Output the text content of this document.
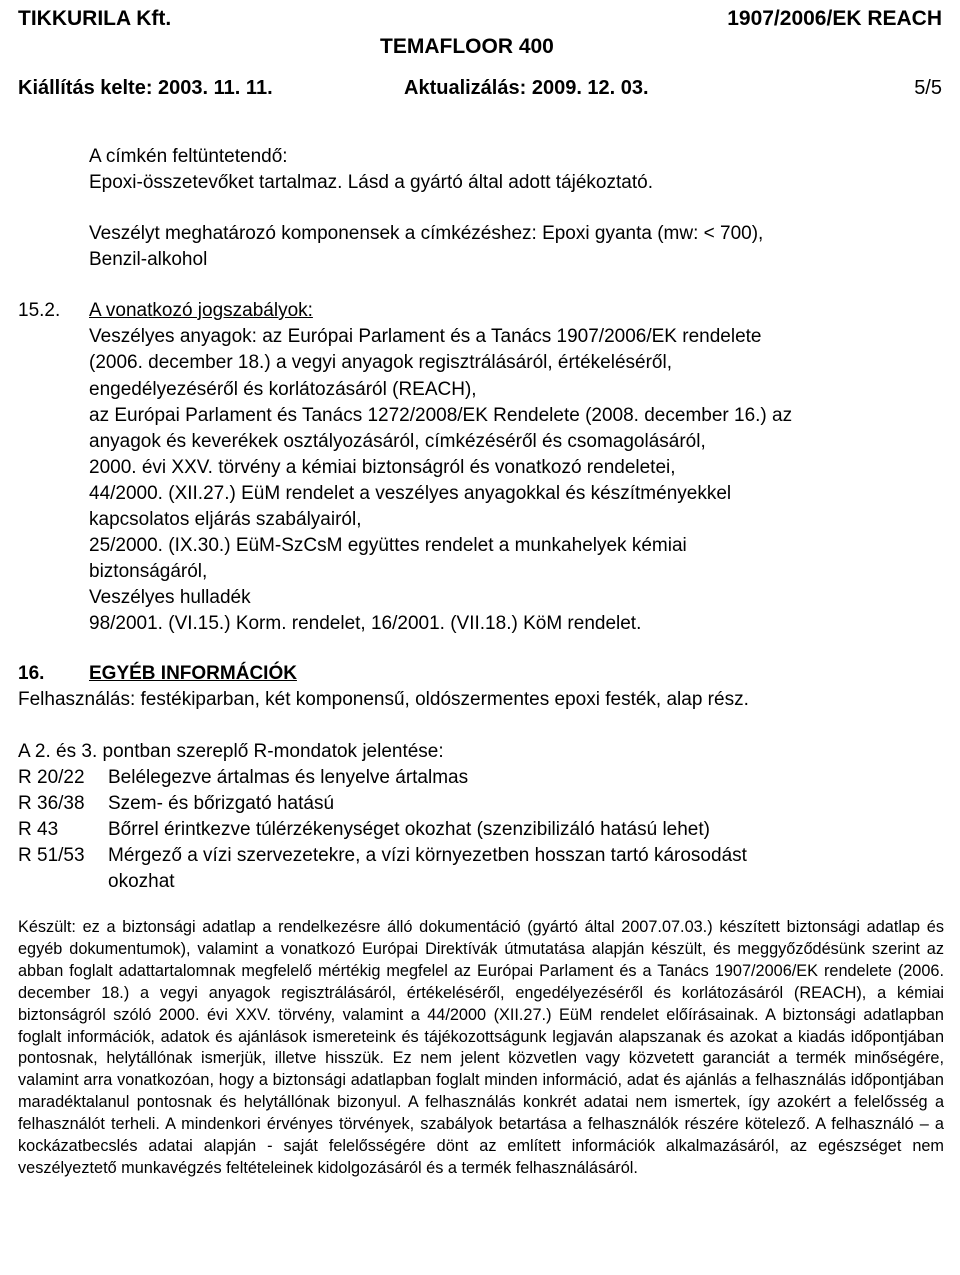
TIKKURILA Kft.
TEMAFLOOR 400
1907/2006/EK REACH
Kiállítás kelte: 2003. 11. 11.	Aktualizálás: 2009. 12. 03.	5/5
A címkén feltüntetendő:
Epoxi-összetevőket tartalmaz. Lásd a gyártó által adott tájékoztató.
Veszélyt meghatározó komponensek a címkézéshez: Epoxi gyanta (mw: < 700),
Benzil-alkohol
15.2. A vonatkozó jogszabályok:
Veszélyes anyagok: az Európai Parlament és a Tanács 1907/2006/EK rendelete
(2006. december 18.) a vegyi anyagok regisztrálásáról, értékeléséről,
engedélyezéséről és korlátozásáról (REACH),
az Európai Parlament és Tanács 1272/2008/EK Rendelete (2008. december 16.) az
anyagok és keverékek osztályozásáról, címkézéséről és csomagolásáról,
2000. évi XXV. törvény a kémiai biztonságról és vonatkozó rendeletei,
44/2000. (XII.27.) EüM rendelet a veszélyes anyagokkal és készítményekkel
kapcsolatos eljárás szabályairól,
25/2000. (IX.30.) EüM-SzCsM együttes rendelet a munkahelyek kémiai
biztonságáról,
Veszélyes hulladék
98/2001. (VI.15.) Korm. rendelet, 16/2001. (VII.18.) KöM rendelet.
16. EGYÉB INFORMÁCIÓK
Felhasználás: festékiparban, két komponensű, oldószermentes epoxi festék, alap rész.
A 2. és 3. pontban szereplő R-mondatok jelentése:
R 20/22 Belélegezve ártalmas és lenyelve ártalmas
R 36/38 Szem- és bőrizgató hatású
R 43	Bőrrel érintkezve túlérzékenységet okozhat (szenzibilizáló hatású lehet)
R 51/53 Mérgező a vízi szervezetekre, a vízi környezetben hosszan tartó károsodást
okozhat

Készült: ez a biztonsági adatlap a rendelkezésre álló dokumentáció (gyártó által 2007.07.03.) készített biztonsági adatlap és egyéb dokumentumok), valamint a vonatkozó Európai Direktívák útmutatása alapján készült, és meggyőződésünk szerint az abban foglalt adattartalomnak megfelelő mértékig megfelel az Európai Parlament és a Tanács 1907/2006/EK rendelete (2006. december 18.) a vegyi anyagok regisztrálásáról, értékeléséről, engedélyezéséről és korlátozásáról (REACH), a kémiai biztonságról szóló 2000. évi XXV. törvény, valamint a 44/2000 (XII.27.) EüM rendelet előírásainak. A biztonsági adatlapban foglalt információk, adatok és ajánlások ismereteink és tájékozottságunk legjaván alapszanak és azokat a kiadás időpontjában pontosnak, helytállónak ismerjük, illetve hisszük. Ez nem jelent közvetlen vagy közvetett garanciát a termék minőségére, valamint arra vonatkozóan, hogy a biztonsági adatlapban foglalt minden információ, adat és ajánlás a felhasználás időpontjában maradéktalanul pontosnak és helytállónak bizonyul. A felhasználás konkrét adatai nem ismertek, így azokért a felelősség a felhasználót terheli. A mindenkori érvényes törvények, szabályok betartása a felhasználók részére kötelező. A felhasználó – a kockázatbecslés adatai alapján - saját felelősségére dönt az említett információk alkalmazásáról, az egészséget nem veszélyeztető munkavégzés feltételeinek kidolgozásáról és a termék felhasználásáról.
